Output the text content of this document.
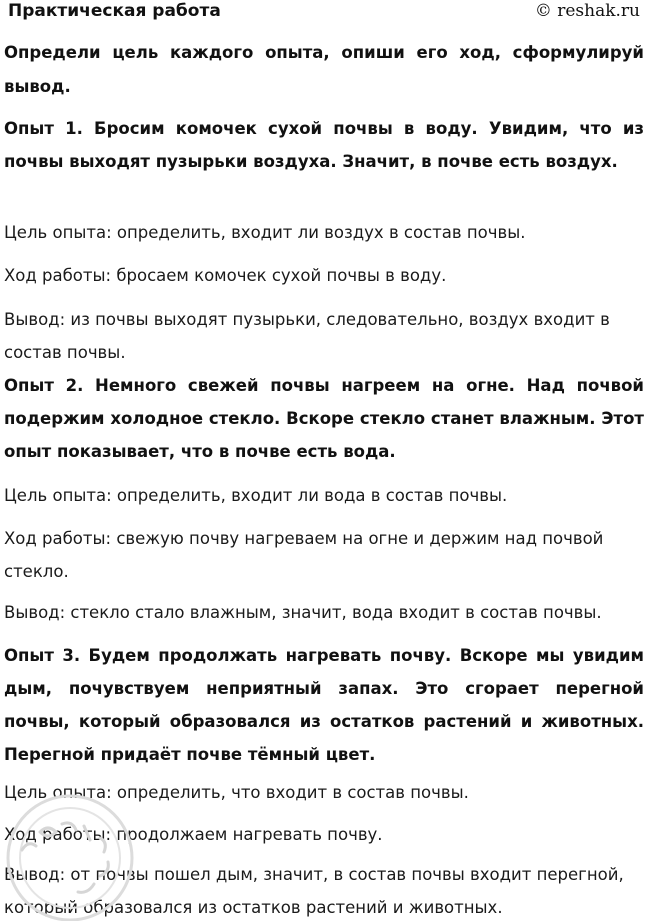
Практическая работа	© reshak.ru

Определи цель каждого опыта, опиши его ход, сформулируй вывод.

Опыт 1. Бросим комочек сухой почвы в воду. Увидим, что из почвы выходят пузырьки воздуха. Значит, в почве есть воздух.

Цель опыта: определить, входит ли воздух в состав почвы.

Ход работы: бросаем комочек сухой почвы в воду.

Вывод: из почвы выходят пузырьки, следовательно, воздух входит в состав почвы.

Опыт 2. Немного свежей почвы нагреем на огне. Над почвой подержим холодное стекло. Вскоре стекло станет влажным. Этот опыт показывает, что в почве есть вода.

Цель опыта: определить, входит ли вода в состав почвы.

Ход работы: свежую почву нагреваем на огне и держим над почвой стекло.

Вывод: стекло стало влажным, значит, вода входит в состав почвы.

Опыт 3. Будем продолжать нагревать почву. Вскоре мы увидим дым, почувствуем неприятный запах. Это сгорает перегной почвы, который образовался из остатков растений и животных. Перегной придаёт почве тёмный цвет.

Цель опыта: определить, что входит в состав почвы.

Ход работы: продолжаем нагревать почву.

Вывод: от почвы пошел дым, значит, в состав почвы входит перегной, который образовался из остатков растений и животных.
